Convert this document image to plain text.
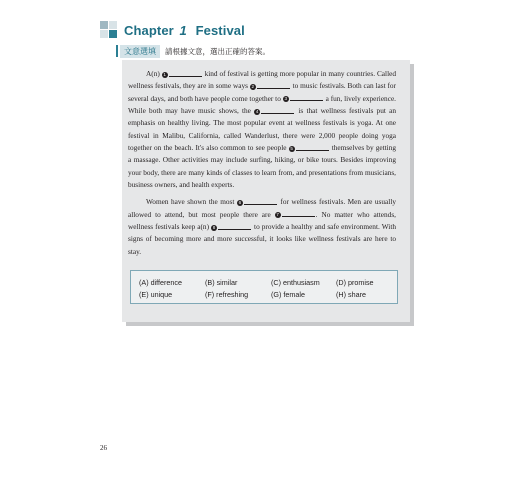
Chapter 1 Festival
文意選填	請根據文意，選出正確的答案。

A(n) 1	kind of festival is getting more popular in many countries. Called wellness festivals, they are in some ways 2	to music festivals. Both can last for several days, and both have people come together to 3	a fun, lively experience. While both may have music shows, the 4	is that wellness festivals put an emphasis on healthy living. The most popular event at wellness festivals is yoga. At one festival in Malibu, California, called Wanderlust, there were 2,000 people doing yoga together on the beach. It's also common to see people 5	themselves by getting a massage. Other activities may include surfing, hiking, or bike tours. Besides improving your body, there are many kinds of classes to learn from, and presentations from musicians, business owners, and health experts.

Women have shown the most 6	for wellness festivals. Men are usually allowed to attend, but most people there are 7	. No matter who attends, wellness festivals keep a(n) 8	to provide a healthy and safe environment. With signs of becoming more and more successful, it looks like wellness festivals are here to stay.

(A) difference	(B) similar	(C) enthusiasm (D) promise
(E) unique	(F) refreshing	(G) female	(H) share
26
